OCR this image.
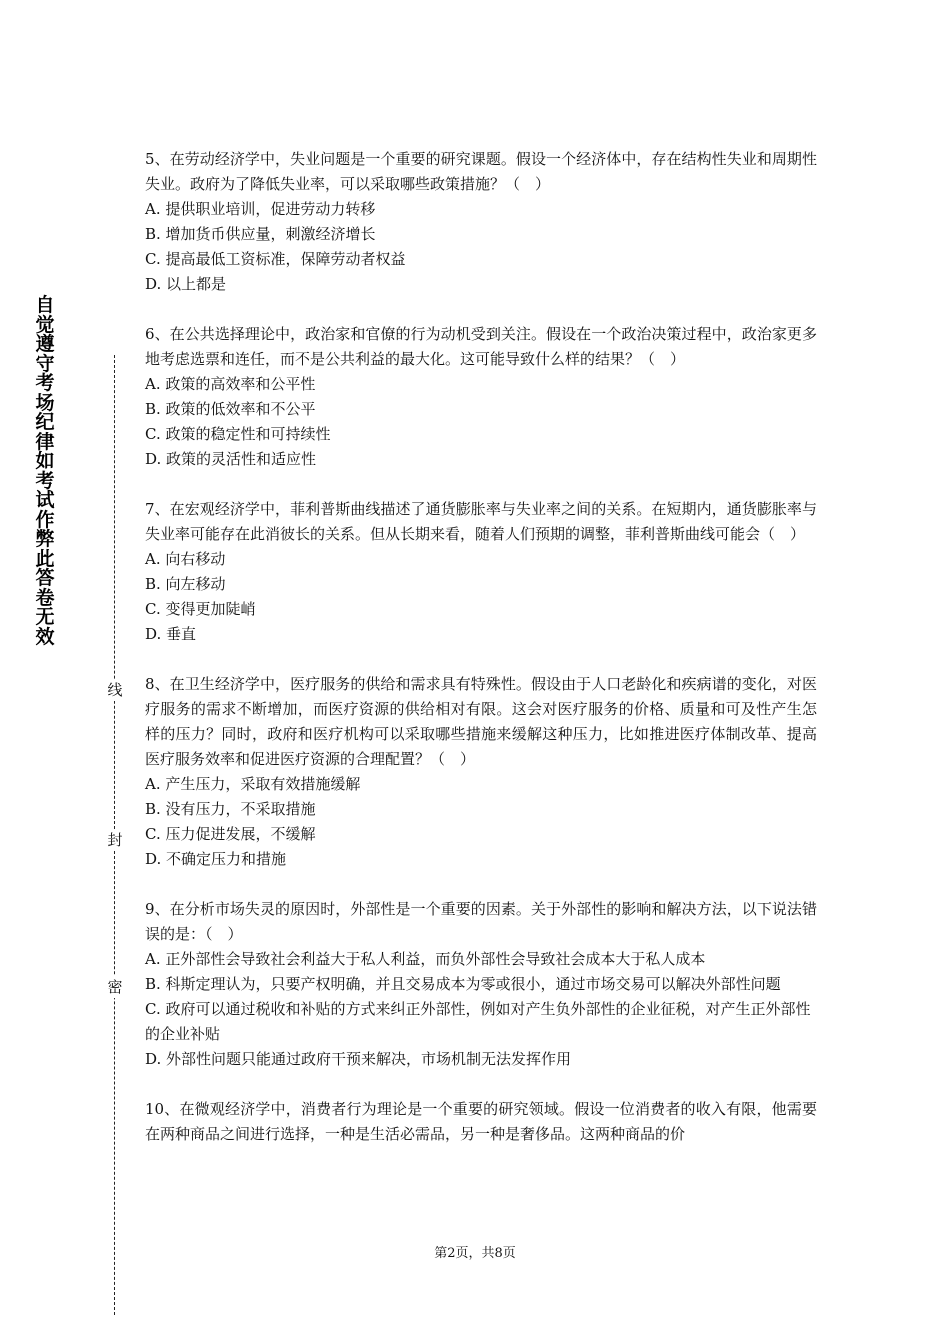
自觉遵守考场纪律如考试作弊此答卷无效
线
封
密

5、在劳动经济学中，失业问题是一个重要的研究课题。假设一个经济体中，存在结构性失业和周期性失业。政府为了降低失业率，可以采取哪些政策措施？（　）

A. 提供职业培训，促进劳动力转移

B. 增加货币供应量，刺激经济增长

C. 提高最低工资标准，保障劳动者权益

D. 以上都是

6、在公共选择理论中，政治家和官僚的行为动机受到关注。假设在一个政治决策过程中，政治家更多地考虑选票和连任，而不是公共利益的最大化。这可能导致什么样的结果？（　）

A. 政策的高效率和公平性

B. 政策的低效率和不公平

C. 政策的稳定性和可持续性

D. 政策的灵活性和适应性

7、在宏观经济学中，菲利普斯曲线描述了通货膨胀率与失业率之间的关系。在短期内，通货膨胀率与失业率可能存在此消彼长的关系。但从长期来看，随着人们预期的调整，菲利普斯曲线可能会（　）

A. 向右移动

B. 向左移动

C. 变得更加陡峭

D. 垂直

8、在卫生经济学中，医疗服务的供给和需求具有特殊性。假设由于人口老龄化和疾病谱的变化，对医疗服务的需求不断增加，而医疗资源的供给相对有限。这会对医疗服务的价格、质量和可及性产生怎样的压力？同时，政府和医疗机构可以采取哪些措施来缓解这种压力，比如推进医疗体制改革、提高医疗服务效率和促进医疗资源的合理配置？（　）

A. 产生压力，采取有效措施缓解

B. 没有压力，不采取措施

C. 压力促进发展，不缓解

D. 不确定压力和措施

9、在分析市场失灵的原因时，外部性是一个重要的因素。关于外部性的影响和解决方法，以下说法错误的是：（　）

A. 正外部性会导致社会利益大于私人利益，而负外部性会导致社会成本大于私人成本

B. 科斯定理认为，只要产权明确，并且交易成本为零或很小，通过市场交易可以解决外部性问题

C. 政府可以通过税收和补贴的方式来纠正外部性，例如对产生负外部性的企业征税，对产生正外部性的企业补贴

D. 外部性问题只能通过政府干预来解决，市场机制无法发挥作用

10、在微观经济学中，消费者行为理论是一个重要的研究领域。假设一位消费者的收入有限，他需要在两种商品之间进行选择，一种是生活必需品，另一种是奢侈品。这两种商品的价

第2页，共8页
